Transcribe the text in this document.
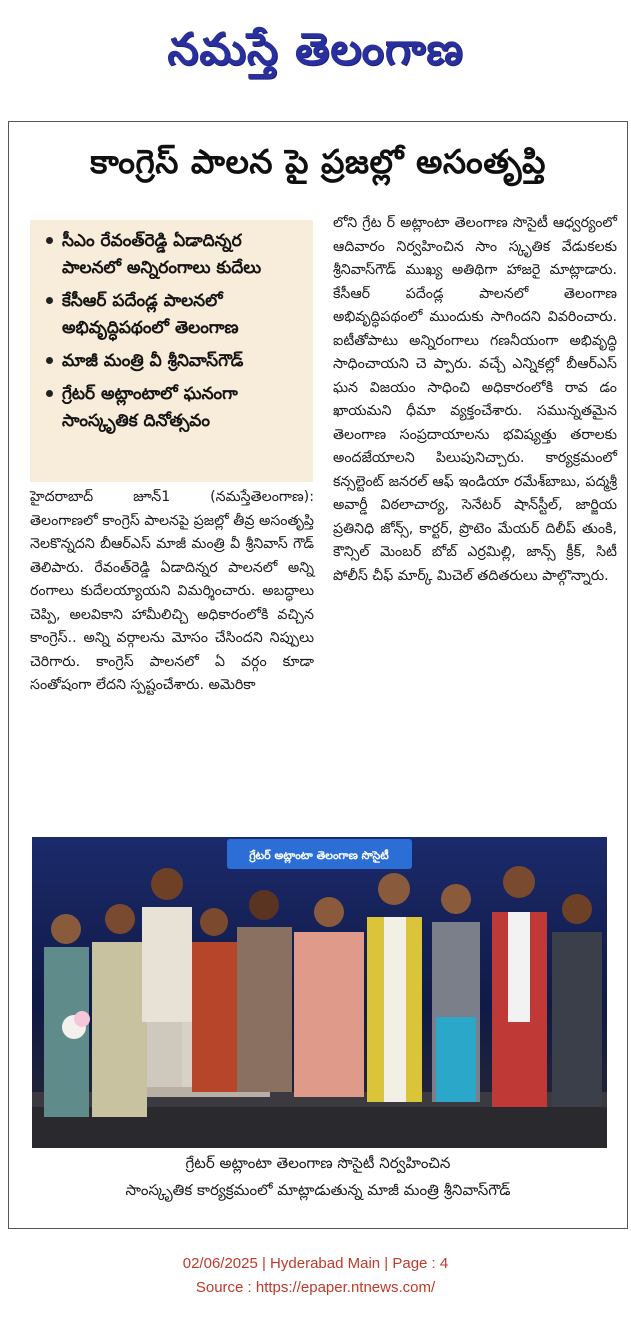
నమస్తే తెలంగాణ
కాంగ్రెస్ పాలన పై ప్రజల్లో అసంతృప్తి
సీఎం రేవంత్‌రెడ్డి ఏడాదిన్నర పాలనలో అన్నిరంగాలు కుదేలు
కేసీఆర్ పదేండ్ల పాలనలో అభివృద్ధిపథంలో తెలంగాణ
మాజీ మంత్రి వీ శ్రీనివాస్‌గౌడ్
గ్రేటర్ అట్లాంటాలో ఘనంగా సాంస్కృతిక దినోత్సవం

హైదరాబాద్ జూన్1 (నమస్తేతెలంగాణ): తెలంగాణలో కాంగ్రెస్ పాలనపై ప్రజల్లో తీవ్ర అసంతృప్తి నెలకొన్నదని బీఆర్‌ఎస్ మాజీ మంత్రి వీ శ్రీనివాస్ గౌడ్ తెలిపారు. రేవంత్‌రెడ్డి ఏడాదిన్నర పాలనలో అన్ని రంగాలు కుదేలయ్యాయని విమర్శించారు. అబద్ధాలు చెప్పి, అలవికాని హామీలిచ్చి అధికారంలోకి వచ్చిన కాంగ్రెస్.. అన్ని వర్గాలను మోసం చేసిందని నిప్పులు చెరిగారు. కాంగ్రెస్ పాలనలో ఏ వర్గం కూడా సంతోషంగా లేదని స్పష్టంచేశారు. అమెరికా

లోని గ్రేట ర్ అట్లాంటా తెలంగాణ సొసైటీ ఆధ్వర్యంలో ఆదివారం నిర్వహించిన సాం స్కృతిక వేడుకలకు శ్రీనివాస్‌గౌడ్ ముఖ్య అతిథిగా హాజరై మాట్లాడారు. కేసీఆర్ పదేండ్ల పాలనలో తెలంగాణ అభివృద్ధిపథంలో ముందుకు సాగిందని వివరించారు. ఐటీతోపాటు అన్నిరంగాలు గణనీయంగా అభివృద్ధి సాధించాయని చె ప్పారు. వచ్చే ఎన్నికల్లో బీఆర్‌ఎస్ ఘన విజయం సాధించి అధికారంలోకి రావ డం ఖాయమని ధీమా వ్యక్తంచేశారు. సమున్నతమైన తెలంగాణ సంప్రదాయాలను భవిష్యత్తు తరాలకు అందజేయాలని పిలుపునిచ్చారు. కార్యక్రమంలో కన్సల్టెంట్ జనరల్ ఆఫ్ ఇండియా రమేశ్‌బాబు, పద్మశ్రీ అవార్డీ విఠలాచార్య, సెనేటర్ షాన్‌స్టీల్, జార్జియ ప్రతినిధి జోన్స్, కార్టర్, ప్రొటెం మేయర్ దిలీప్ తుంకి, కౌన్సిల్ మెంబర్ బోబ్ ఎర్రమిల్లి, జాన్స్ క్రీక్, సిటీ పోలీస్ చీఫ్ మార్క్ మిచెల్ తదితరులు పాల్గొన్నారు.

గ్రేటర్ అట్లాంటా తెలంగాణ సొసైటీ
గ్రేటర్ అట్లాంటా తెలంగాణ సొసైటీ నిర్వహించిన
సాంస్కృతిక కార్యక్రమంలో మాట్లాడుతున్న మాజీ మంత్రి శ్రీనివాస్‌గౌడ్
02/06/2025 | Hyderabad Main | Page : 4
Source : https://epaper.ntnews.com/
